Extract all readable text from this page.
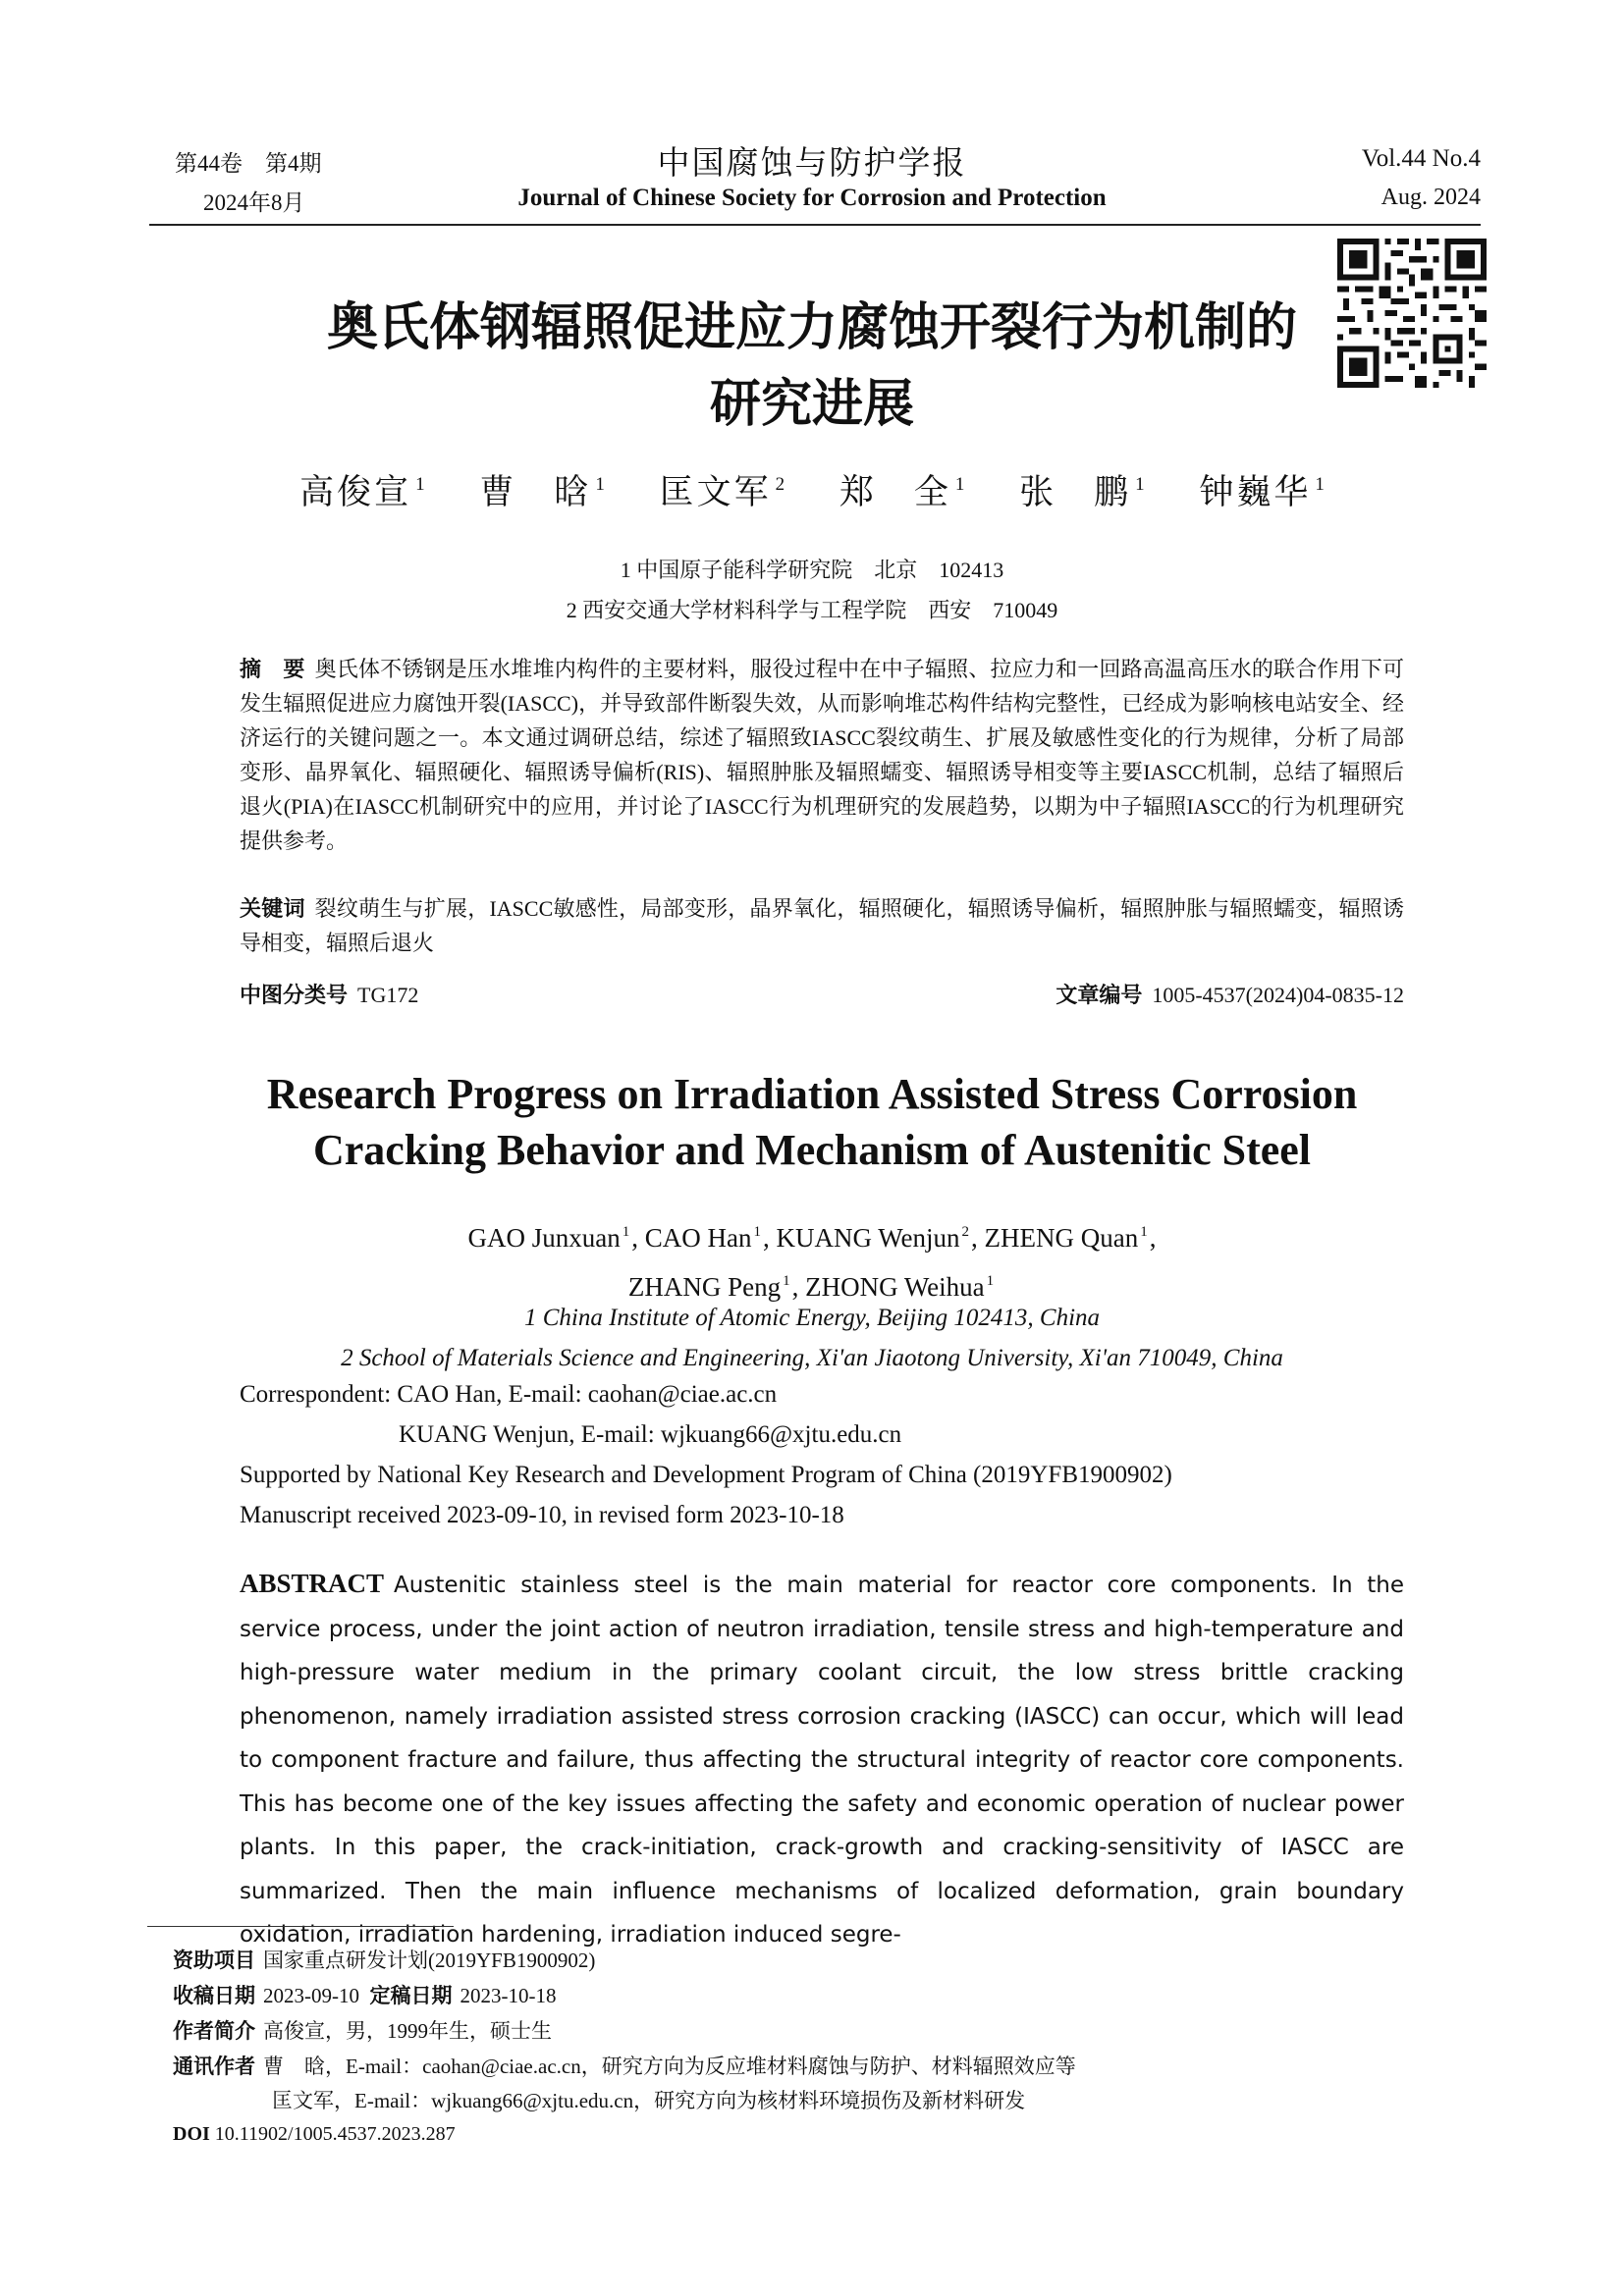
第44卷　第4期
2024年8月
中国腐蚀与防护学报
Journal of Chinese Society for Corrosion and Protection
Vol.44 No.4
Aug. 2024
奥氏体钢辐照促进应力腐蚀开裂行为机制的
研究进展
高俊宣 $^1$ 曹　晗 $^1$ 匡文军 $^2$ 郑　全 $^1$ 张　鹏 $^1$ 钟巍华 $^1$
1 中国原子能科学研究院　北京　102413
2 西安交通大学材料科学与工程学院　西安　710049
摘　要 奥氏体不锈钢是压水堆堆内构件的主要材料，服役过程中在中子辐照、拉应力和一回路高温高压水的联合作用下可发生辐照促进应力腐蚀开裂(IASCC)，并导致部件断裂失效，从而影响堆芯构件结构完整性，已经成为影响核电站安全、经济运行的关键问题之一。本文通过调研总结，综述了辐照致IASCC裂纹萌生、扩展及敏感性变化的行为规律，分析了局部变形、晶界氧化、辐照硬化、辐照诱导偏析(RIS)、辐照肿胀及辐照蠕变、辐照诱导相变等主要IASCC机制，总结了辐照后退火(PIA)在IASCC机制研究中的应用，并讨论了IASCC行为机理研究的发展趋势，以期为中子辐照IASCC的行为机理研究提供参考。
关键词 裂纹萌生与扩展，IASCC敏感性，局部变形，晶界氧化，辐照硬化，辐照诱导偏析，辐照肿胀与辐照蠕变，辐照诱导相变，辐照后退火
中图分类号 TG172	文章编号 1005-4537(2024)04-0835-12
Research Progress on Irradiation Assisted Stress Corrosion
Cracking Behavior and Mechanism of Austenitic Steel
GAO Junxuan $^1$, CAO Han $^1$, KUANG Wenjun $^2$, ZHENG Quan $^1$,
ZHANG Peng $^1$, ZHONG Weihua $^1$
1 China Institute of Atomic Energy, Beijing 102413, China
2 School of Materials Science and Engineering, Xi'an Jiaotong University, Xi'an 710049, China
Correspondent: CAO Han, E-mail: caohan@ciae.ac.cn
KUANG Wenjun, E-mail: wjkuang66@xjtu.edu.cn
Supported by National Key Research and Development Program of China (2019YFB1900902)
Manuscript received 2023-09-10, in revised form 2023-10-18
ABSTRACT Austenitic stainless steel is the main material for reactor core components. In the service process, under the joint action of neutron irradiation, tensile stress and high-temperature and high-pressure water medium in the primary coolant circuit, the low stress brittle cracking phenomenon, namely irradiation assisted stress corrosion cracking (IASCC) can occur, which will lead to component fracture and failure, thus affecting the structural integrity of reactor core components. This has become one of the key issues affecting the safety and economic operation of nuclear power plants. In this paper, the crack-initiation, crack-growth and cracking-sensitivity of IASCC are summarized. Then the main influence mechanisms of localized deformation, grain boundary oxidation, irradiation hardening, irradiation induced segre-
资助项目 国家重点研发计划(2019YFB1900902)
收稿日期 2023-09-10 定稿日期 2023-10-18
作者简介 高俊宣，男，1999年生，硕士生
通讯作者 曹　晗，E-mail：caohan@ciae.ac.cn，研究方向为反应堆材料腐蚀与防护、材料辐照效应等
匡文军，E-mail：wjkuang66@xjtu.edu.cn，研究方向为核材料环境损伤及新材料研发
DOI 10.11902/1005.4537.2023.287
